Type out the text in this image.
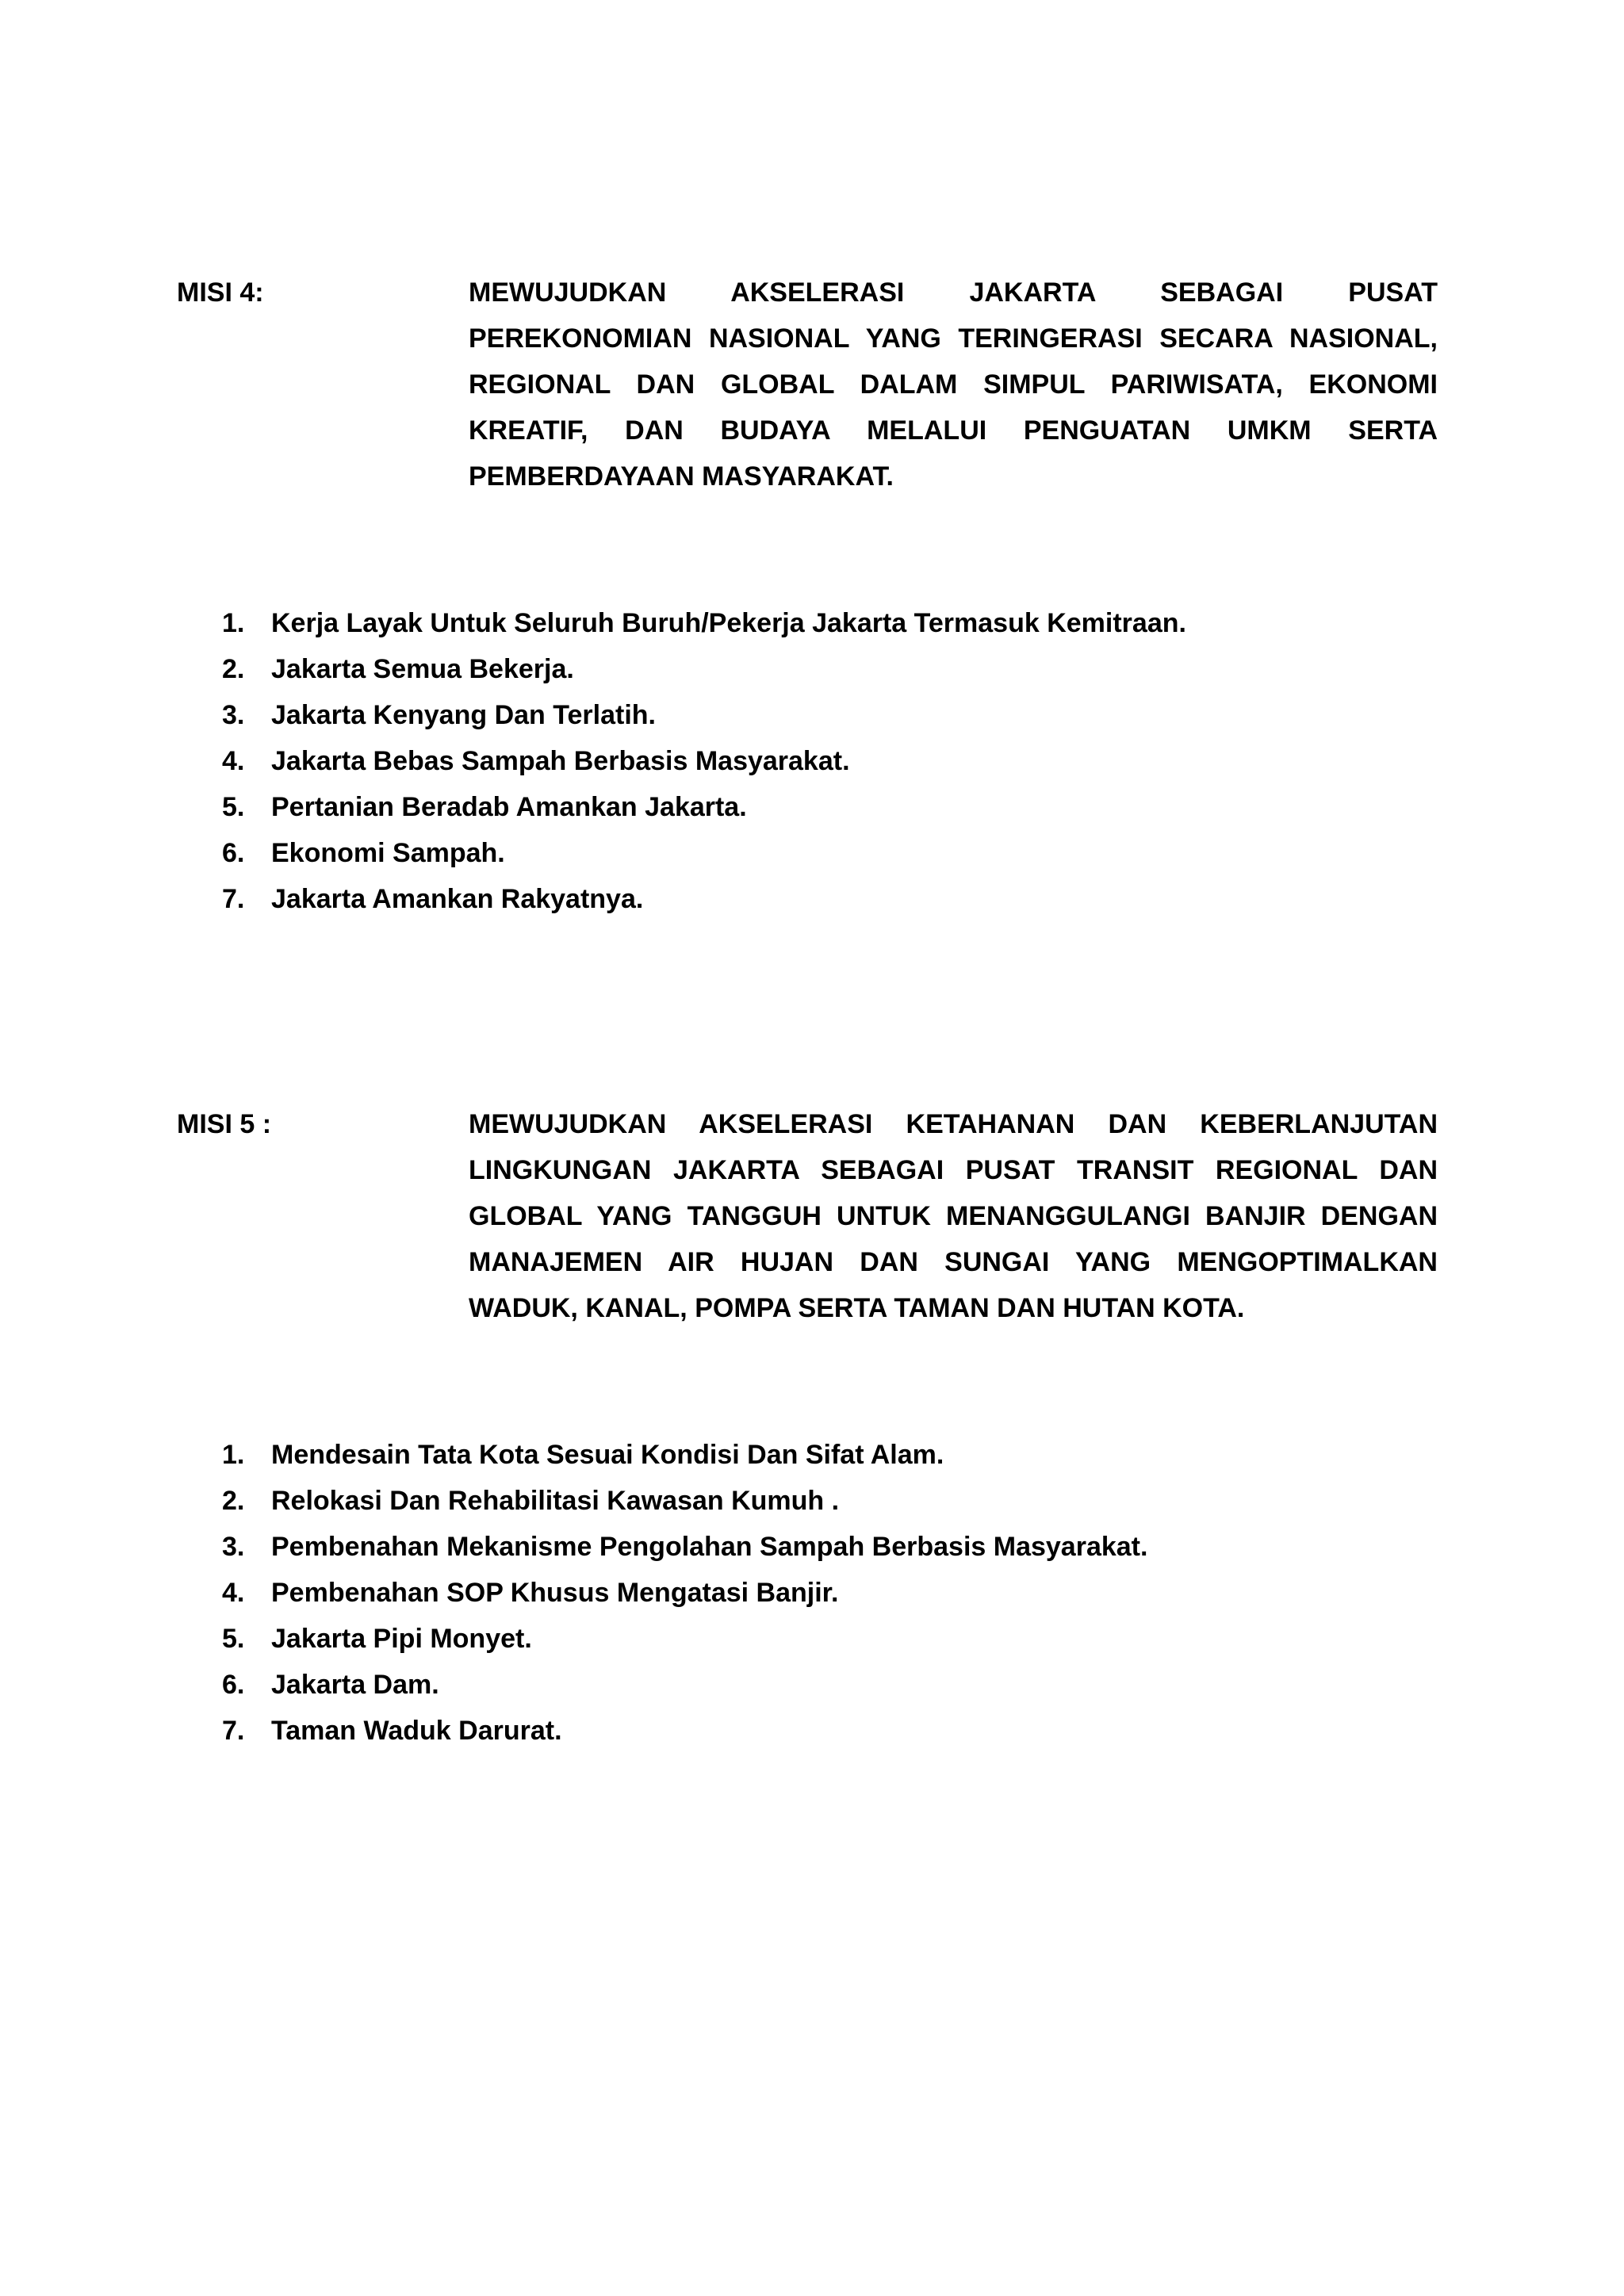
MISI 4:	MEWUJUDKAN AKSELERASI JAKARTA SEBAGAI PUSAT PEREKONOMIAN NASIONAL YANG TERINGERASI SECARA NASIONAL, REGIONAL DAN GLOBAL DALAM SIMPUL PARIWISATA, EKONOMI KREATIF, DAN BUDAYA MELALUI PENGUATAN UMKM SERTA PEMBERDAYAAN MASYARAKAT.

1. Kerja Layak Untuk Seluruh Buruh/Pekerja Jakarta Termasuk Kemitraan.
2. Jakarta Semua Bekerja.
3. Jakarta Kenyang Dan Terlatih.
4. Jakarta Bebas Sampah Berbasis Masyarakat.
5. Pertanian Beradab Amankan Jakarta.
6. Ekonomi Sampah.
7. Jakarta Amankan Rakyatnya.
MISI 5 :	MEWUJUDKAN AKSELERASI KETAHANAN DAN KEBERLANJUTAN LINGKUNGAN JAKARTA SEBAGAI PUSAT TRANSIT REGIONAL DAN GLOBAL YANG TANGGUH UNTUK MENANGGULANGI BANJIR DENGAN MANAJEMEN AIR HUJAN DAN SUNGAI YANG MENGOPTIMALKAN WADUK, KANAL, POMPA SERTA TAMAN DAN HUTAN KOTA.

1. Mendesain Tata Kota Sesuai Kondisi Dan Sifat Alam.
2. Relokasi Dan Rehabilitasi Kawasan Kumuh .
3. Pembenahan Mekanisme Pengolahan Sampah Berbasis Masyarakat.
4. Pembenahan SOP Khusus Mengatasi Banjir.
5. Jakarta Pipi Monyet.
6. Jakarta Dam.
7. Taman Waduk Darurat.
